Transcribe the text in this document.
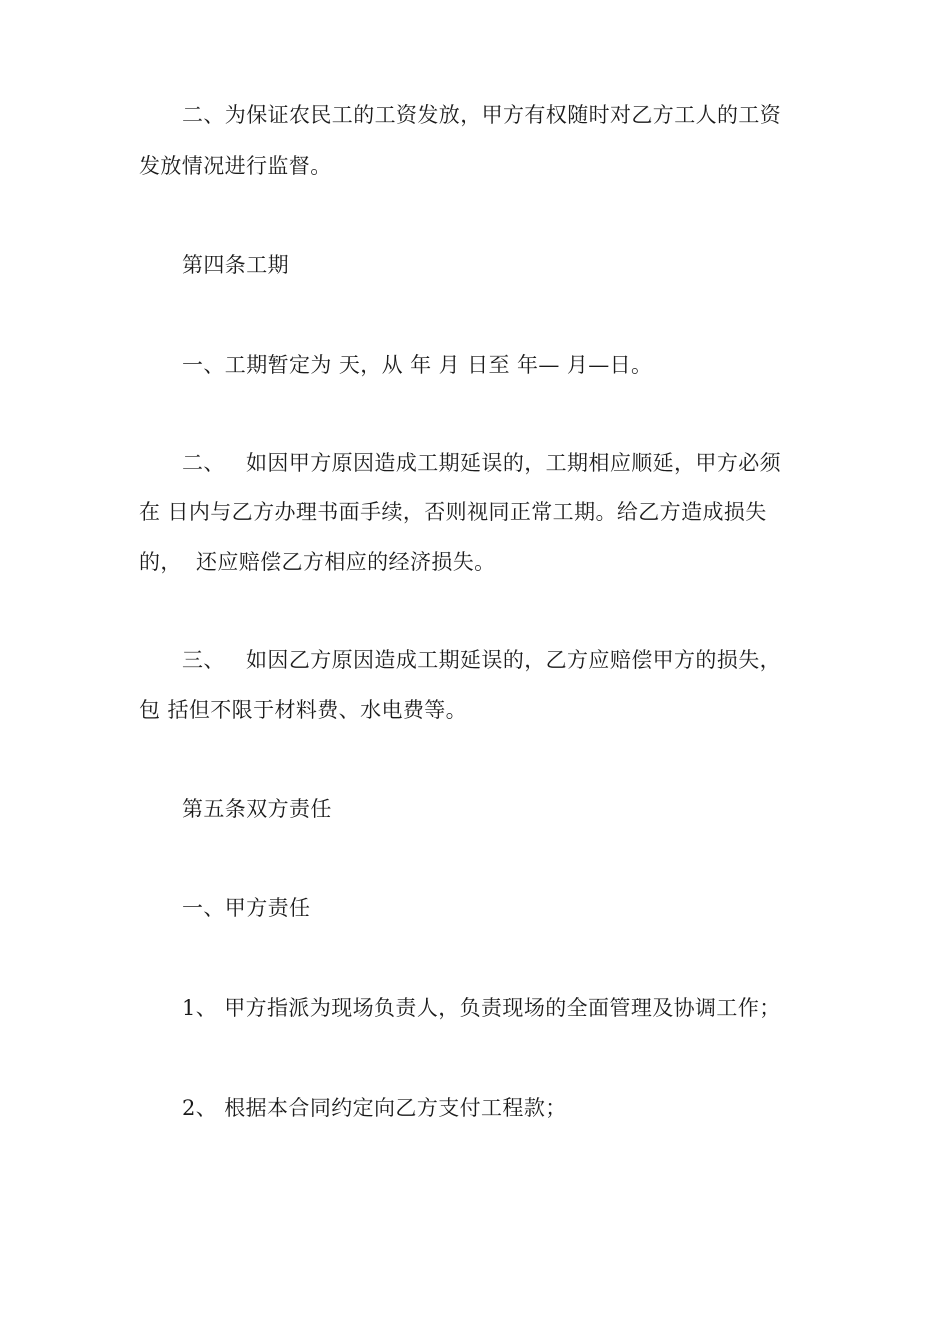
二、为保证农民工的工资发放，甲方有权随时对乙方工人的工资
发放情况进行监督。
第四条工期
一、工期暂定为 天，从 年 月 日至 年— 月—日。
二、   如因甲方原因造成工期延误的，工期相应顺延，甲方必须
在 日内与乙方办理书面手续，否则视同正常工期。给乙方造成损失
的，  还应赔偿乙方相应的经济损失。
三、   如因乙方原因造成工期延误的，乙方应赔偿甲方的损失，
包 括但不限于材料费、水电费等。
第五条双方责任
一、甲方责任
1、 甲方指派为现场负责人，负责现场的全面管理及协调工作；
2、 根据本合同约定向乙方支付工程款；
